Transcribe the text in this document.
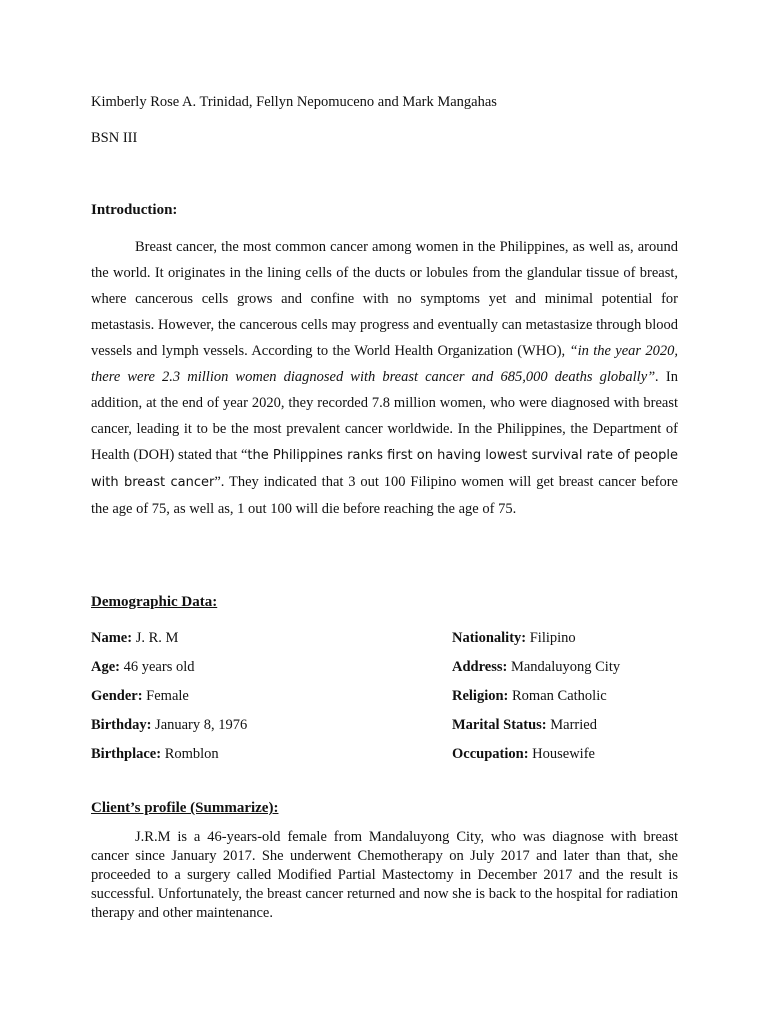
Kimberly Rose A. Trinidad, Fellyn Nepomuceno and Mark Mangahas
BSN III
Introduction:

Breast cancer, the most common cancer among women in the Philippines, as well as, around the world. It originates in the lining cells of the ducts or lobules from the glandular tissue of breast, where cancerous cells grows and confine with no symptoms yet and minimal potential for metastasis. However, the cancerous cells may progress and eventually can metastasize through blood vessels and lymph vessels. According to the World Health Organization (WHO), “in the year 2020, there were 2.3 million women diagnosed with breast cancer and 685,000 deaths globally”. In addition, at the end of year 2020, they recorded 7.8 million women, who were diagnosed with breast cancer, leading it to be the most prevalent cancer worldwide. In the Philippines, the Department of Health (DOH) stated that “the Philippines ranks first on having lowest survival rate of people with breast cancer”. They indicated that 3 out 100 Filipino women will get breast cancer before the age of 75, as well as, 1 out 100 will die before reaching the age of 75.

Demographic Data:
Name: J. R. M
Age: 46 years old
Gender: Female
Birthday: January 8, 1976
Birthplace: Romblon
Nationality: Filipino
Address: Mandaluyong City
Religion: Roman Catholic
Marital Status: Married
Occupation: Housewife
Client’s profile (Summarize):

J.R.M is a 46-years-old female from Mandaluyong City, who was diagnose with breast cancer since January 2017. She underwent Chemotherapy on July 2017 and later than that, she proceeded to a surgery called Modified Partial Mastectomy in December 2017 and the result is successful. Unfortunately, the breast cancer returned and now she is back to the hospital for radiation therapy and other maintenance.
